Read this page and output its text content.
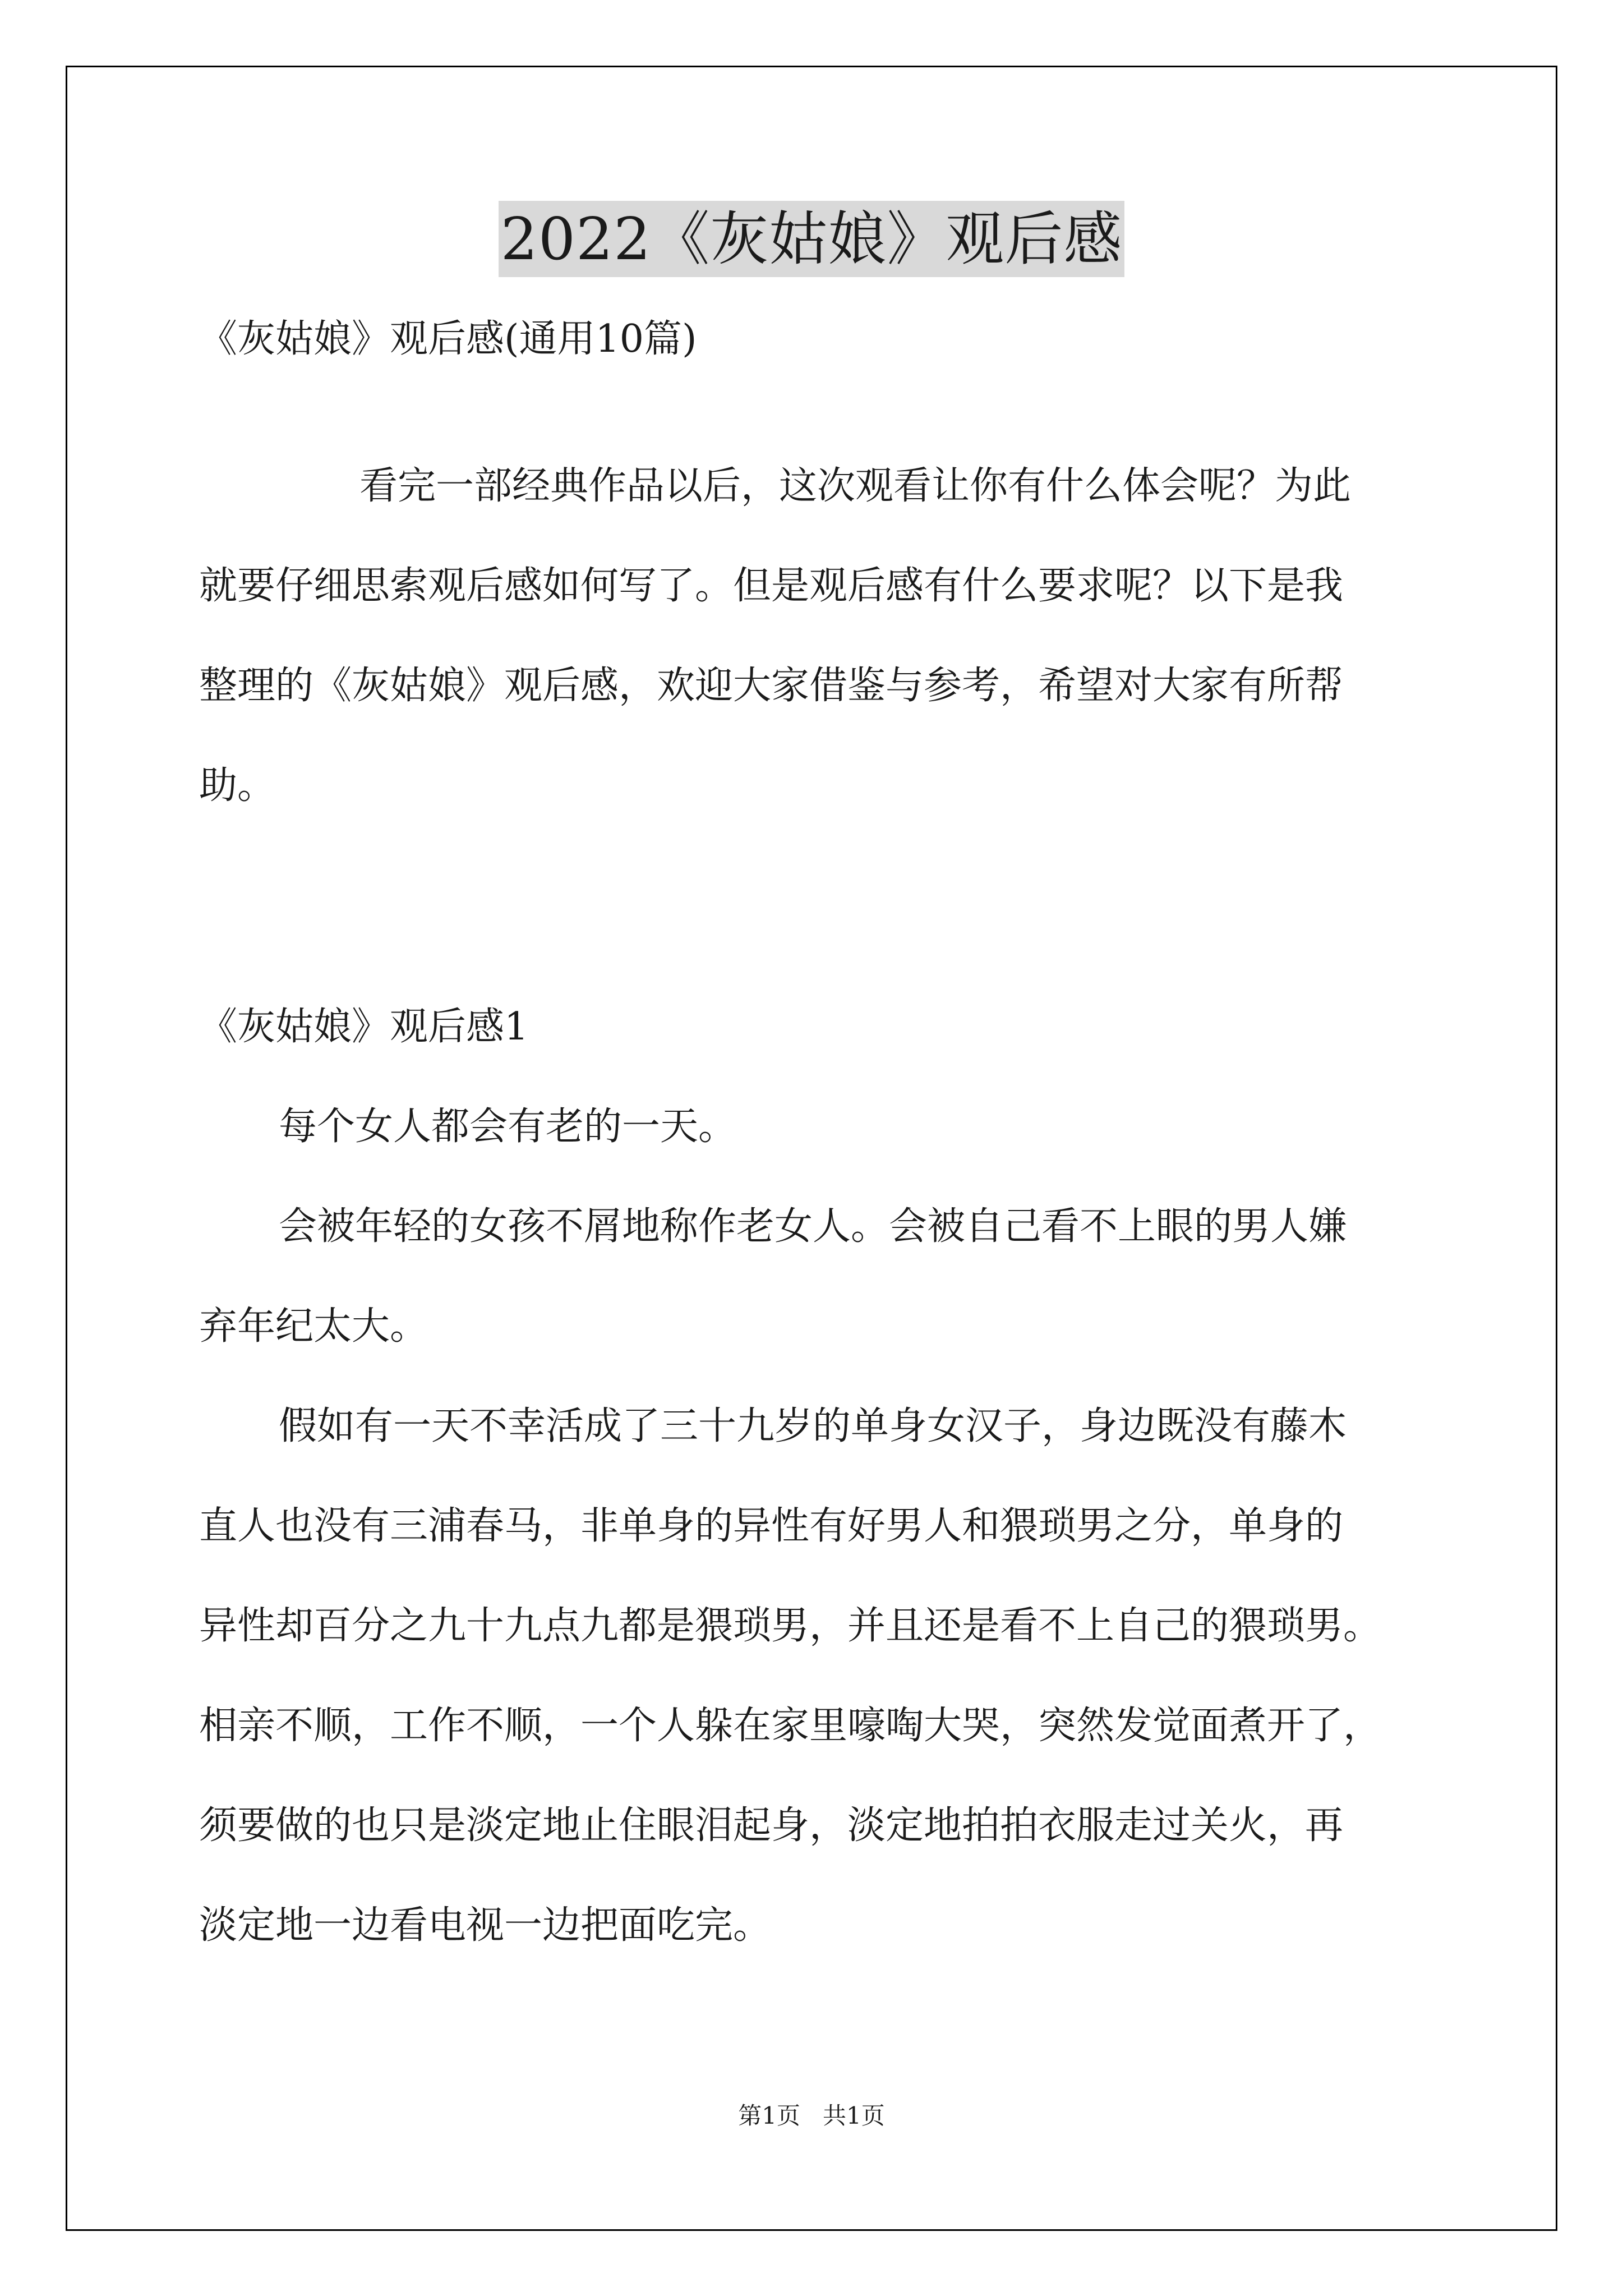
2022《灰姑娘》观后感
《灰姑娘》观后感(通用10篇)
看完一部经典作品以后，这次观看让你有什么体会呢？为此
就要仔细思索观后感如何写了。但是观后感有什么要求呢？以下是我
整理的《灰姑娘》观后感，欢迎大家借鉴与参考，希望对大家有所帮
助。
《灰姑娘》观后感1
每个女人都会有老的一天。
会被年轻的女孩不屑地称作老女人。会被自己看不上眼的男人嫌
弃年纪太大。
假如有一天不幸活成了三十九岁的单身女汉子，身边既没有藤木
直人也没有三浦春马，非单身的异性有好男人和猥琐男之分，单身的
异性却百分之九十九点九都是猥琐男，并且还是看不上自己的猥琐男。
相亲不顺，工作不顺，一个人躲在家里嚎啕大哭，突然发觉面煮开了，
须要做的也只是淡定地止住眼泪起身，淡定地拍拍衣服走过关火，再
淡定地一边看电视一边把面吃完。
第1页   共1页
